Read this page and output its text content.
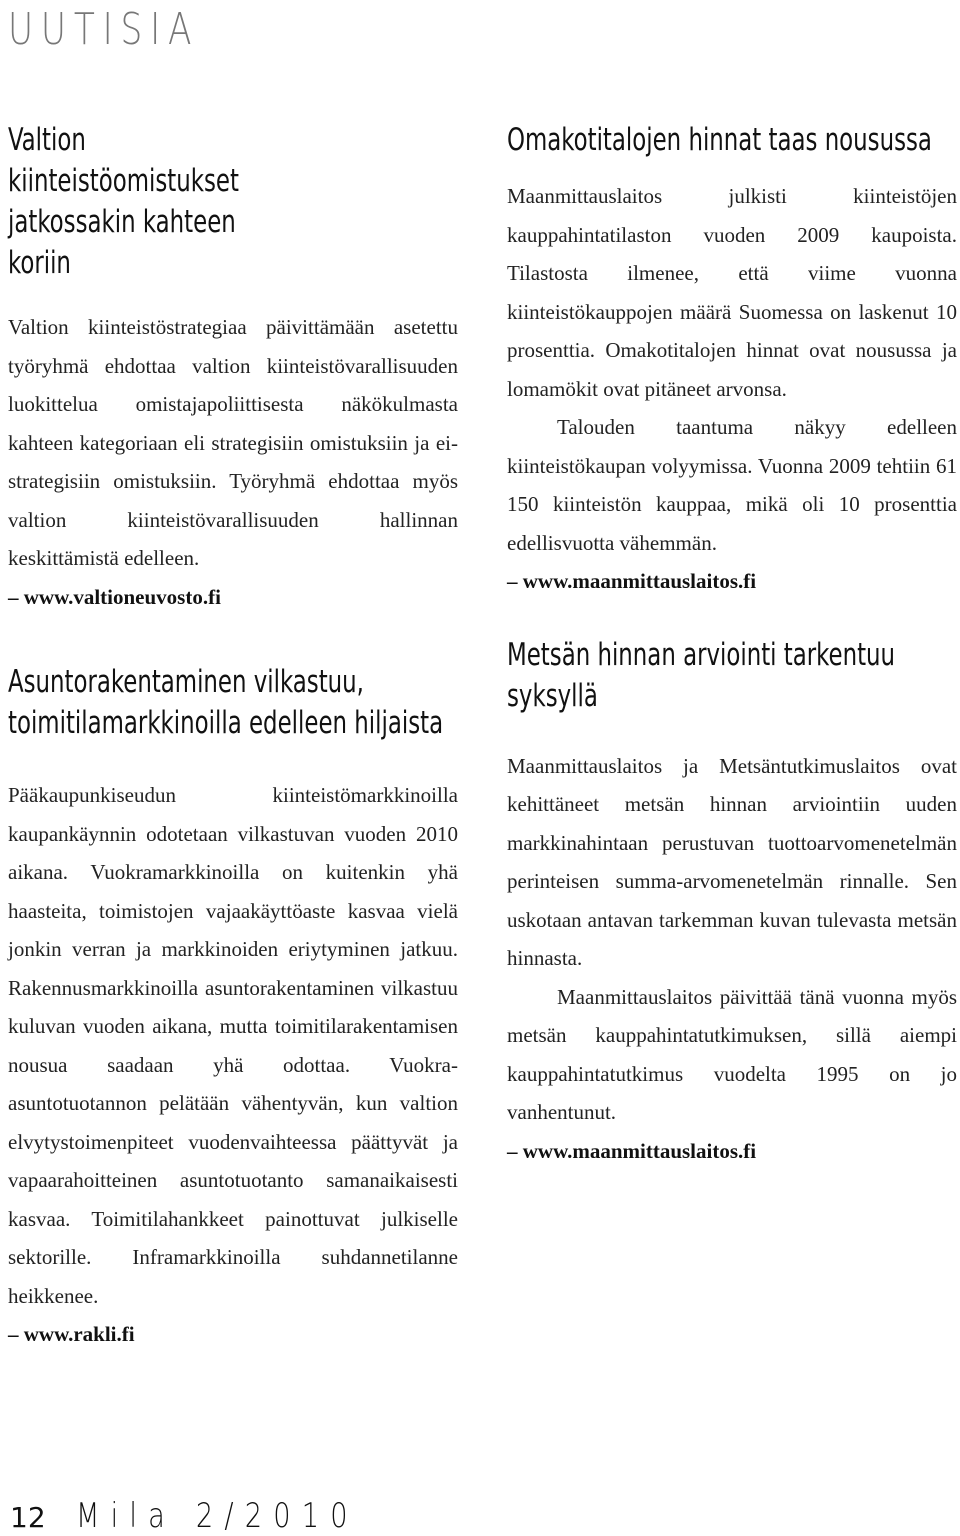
UUTISIA
Valtion kiinteistöomistukset jatkossakin kahteen koriin

Valtion kiinteistöstrategiaa päivittämään asetettu työryhmä ehdottaa valtion kiinteistövarallisuuden luokittelua omistajapoliittisesta näkökulmasta kahteen kategoriaan eli strategisiin omistuksiin ja ei-strategisiin omistuksiin. Työryhmä ehdottaa myös valtion kiinteistövarallisuuden hallinnan keskittämistä edelleen.

– www.valtioneuvosto.fi

Asuntorakentaminen vilkastuu, toimitilamarkkinoilla edelleen hiljaista

Pääkaupunkiseudun kiinteistömarkkinoilla kaupankäynnin odotetaan vilkastuvan vuoden 2010 aikana. Vuokramarkkinoilla on kuitenkin yhä haasteita, toimistojen vajaakäyttöaste kasvaa vielä jonkin verran ja markkinoiden eriytyminen jatkuu. Rakennusmarkkinoilla asuntorakentaminen vilkastuu kuluvan vuoden aikana, mutta toimitilarakentamisen nousua saadaan yhä odottaa. Vuokra-asuntotuotannon pelätään vähentyvän, kun valtion elvytystoimenpiteet vuodenvaihteessa päättyvät ja vapaarahoitteinen asuntotuotanto samanaikaisesti kasvaa. Toimitilahankkeet painottuvat julkiselle sektorille. Inframarkkinoilla suhdannetilanne heikkenee.

– www.rakli.fi

Omakotitalojen hinnat taas nousussa

Maanmittauslaitos julkisti kiinteistöjen kauppahintatilaston vuoden 2009 kaupoista. Tilastosta ilmenee, että viime vuonna kiinteistökauppojen määrä Suomessa on laskenut 10 prosenttia. Omakotitalojen hinnat ovat nousussa ja lomamökit ovat pitäneet arvonsa.

Talouden taantuma näkyy edelleen kiinteistökaupan volyymissa. Vuonna 2009 tehtiin 61 150 kiinteistön kauppaa, mikä oli 10 prosenttia edellisvuotta vähemmän.

– www.maanmittauslaitos.fi

Metsän hinnan arviointi tarkentuu syksyllä

Maanmittauslaitos ja Metsäntutkimuslaitos ovat kehittäneet metsän hinnan arviointiin uuden markkinahintaan perustuvan tuottoarvomenetelmän perinteisen summa-arvomenetelmän rinnalle. Sen uskotaan antavan tarkemman kuvan tulevasta metsän hinnasta.

Maanmittauslaitos päivittää tänä vuonna myös metsän kauppahintatutkimuksen, sillä aiempi kauppahintatutkimus vuodelta 1995 on jo vanhentunut.

– www.maanmittauslaitos.fi

12 Mila 2/2010
